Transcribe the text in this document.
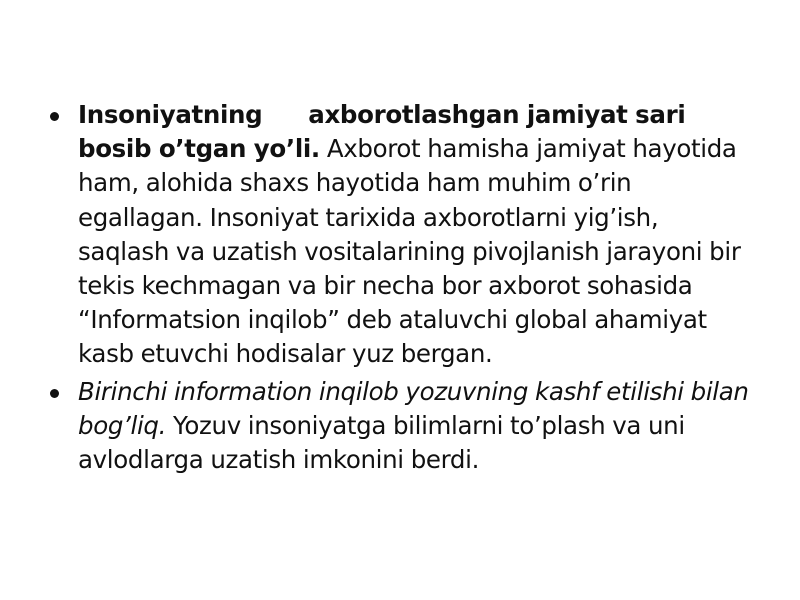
Insoniyatning axborotlashgan jamiyat sari bosib o’tgan yo’li. Axborot hamisha jamiyat hayotida ham, alohida shaxs hayotida ham muhim o’rin egallagan. Insoniyat tarixida axborotlarni yig’ish, saqlash va uzatish vositalarining pivojlanish jarayoni bir tekis kechmagan va bir necha bor axborot sohasida “Informatsion inqilob” deb ataluvchi global ahamiyat kasb etuvchi hodisalar yuz bergan.
Birinchi information inqilob yozuvning kashf etilishi bilan bog’liq. Yozuv insoniyatga bilimlarni to’plash va uni avlodlarga uzatish imkonini berdi.
